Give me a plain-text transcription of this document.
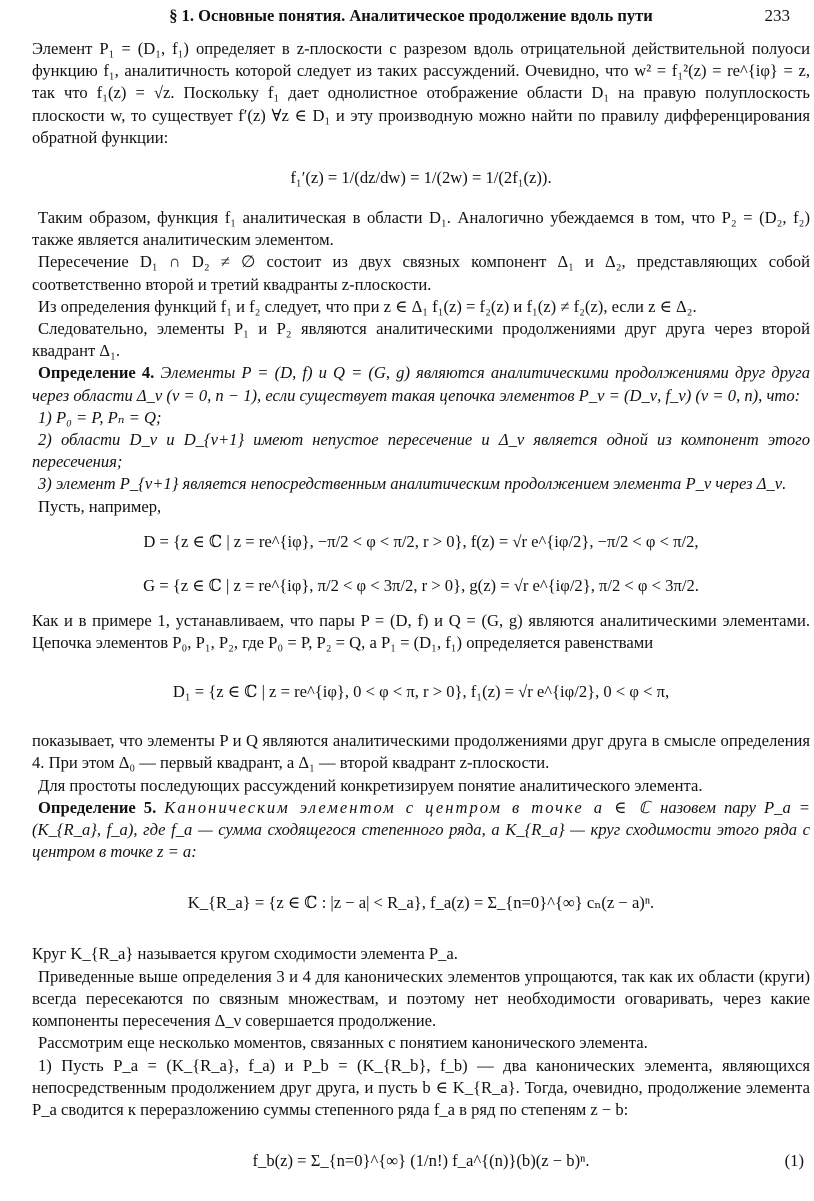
§ 1. Основные понятия. Аналитическое продолжение вдоль пути	233

Элемент P₁ = (D₁, f₁) определяет в z-плоскости с разрезом вдоль отрицательной действительной полуоси функцию f₁, аналитичность которой следует из таких рассуждений. Очевидно, что w² = f₁²(z) = re^{iφ} = z, так что f₁(z) = √z. Поскольку f₁ дает однолистное отображение области D₁ на правую полуплоскость плоскости w, то существует f′(z) ∀z ∈ D₁ и эту производную можно найти по правилу дифференцирования обратной функции:

f₁′(z) = 1/(dz/dw) = 1/(2w) = 1/(2f₁(z)).

Таким образом, функция f₁ аналитическая в области D₁. Аналогично убеждаемся в том, что P₂ = (D₂, f₂) также является аналитическим элементом.

Пересечение D₁ ∩ D₂ ≠ ∅ состоит из двух связных компонент Δ₁ и Δ₂, представляющих собой соответственно второй и третий квадранты z-плоскости.

Из определения функций f₁ и f₂ следует, что при z ∈ Δ₁ f₁(z) = f₂(z) и f₁(z) ≠ f₂(z), если z ∈ Δ₂.

Следовательно, элементы P₁ и P₂ являются аналитическими продолжениями друг друга через второй квадрант Δ₁.

Определение 4. Элементы P = (D, f) и Q = (G, g) являются аналитическими продолжениями друг друга через области Δ_ν (ν = 0, n − 1), если существует такая цепочка элементов P_ν = (D_ν, f_ν) (ν = 0, n), что:

1) P₀ = P, Pₙ = Q;

2) области D_ν и D_{ν+1} имеют непустое пересечение и Δ_ν является одной из компонент этого пересечения;

3) элемент P_{ν+1} является непосредственным аналитическим продолжением элемента P_ν через Δ_ν.

Пусть, например,

D = {z ∈ ℂ | z = re^{iφ}, −π/2 < φ < π/2, r > 0}, f(z) = √r e^{iφ/2}, −π/2 < φ < π/2,
G = {z ∈ ℂ | z = re^{iφ}, π/2 < φ < 3π/2, r > 0}, g(z) = √r e^{iφ/2}, π/2 < φ < 3π/2.

Как и в примере 1, устанавливаем, что пары P = (D, f) и Q = (G, g) являются аналитическими элементами. Цепочка элементов P₀, P₁, P₂, где P₀ = P, P₂ = Q, а P₁ = (D₁, f₁) определяется равенствами

D₁ = {z ∈ ℂ | z = re^{iφ}, 0 < φ < π, r > 0}, f₁(z) = √r e^{iφ/2}, 0 < φ < π,

показывает, что элементы P и Q являются аналитическими продолжениями друг друга в смысле определения 4. При этом Δ₀ — первый квадрант, а Δ₁ — второй квадрант z-плоскости.

Для простоты последующих рассуждений конкретизируем понятие аналитического элемента.

Определение 5. Каноническим элементом с центром в точке a ∈ ℂ назовем пару P_a = (K_{R_a}, f_a), где f_a — сумма сходящегося степенного ряда, а K_{R_a} — круг сходимости этого ряда с центром в точке z = a:

K_{R_a} = {z ∈ ℂ : |z − a| < R_a}, f_a(z) = Σ_{n=0}^{∞} cₙ(z − a)ⁿ.

Круг K_{R_a} называется кругом сходимости элемента P_a.

Приведенные выше определения 3 и 4 для канонических элементов упрощаются, так как их области (круги) всегда пересекаются по связным множествам, и поэтому нет необходимости оговаривать, через какие компоненты пересечения Δ_ν совершается продолжение.

Рассмотрим еще несколько моментов, связанных с понятием канонического элемента.

1) Пусть P_a = (K_{R_a}, f_a) и P_b = (K_{R_b}, f_b) — два канонических элемента, являющихся непосредственным продолжением друг друга, и пусть b ∈ K_{R_a}. Тогда, очевидно, продолжение элемента P_a сводится к переразложению суммы степенного ряда f_a в ряд по степеням z − b:

f_b(z) = Σ_{n=0}^{∞} (1/n!) f_a^{(n)}(b)(z − b)ⁿ.	(1)
